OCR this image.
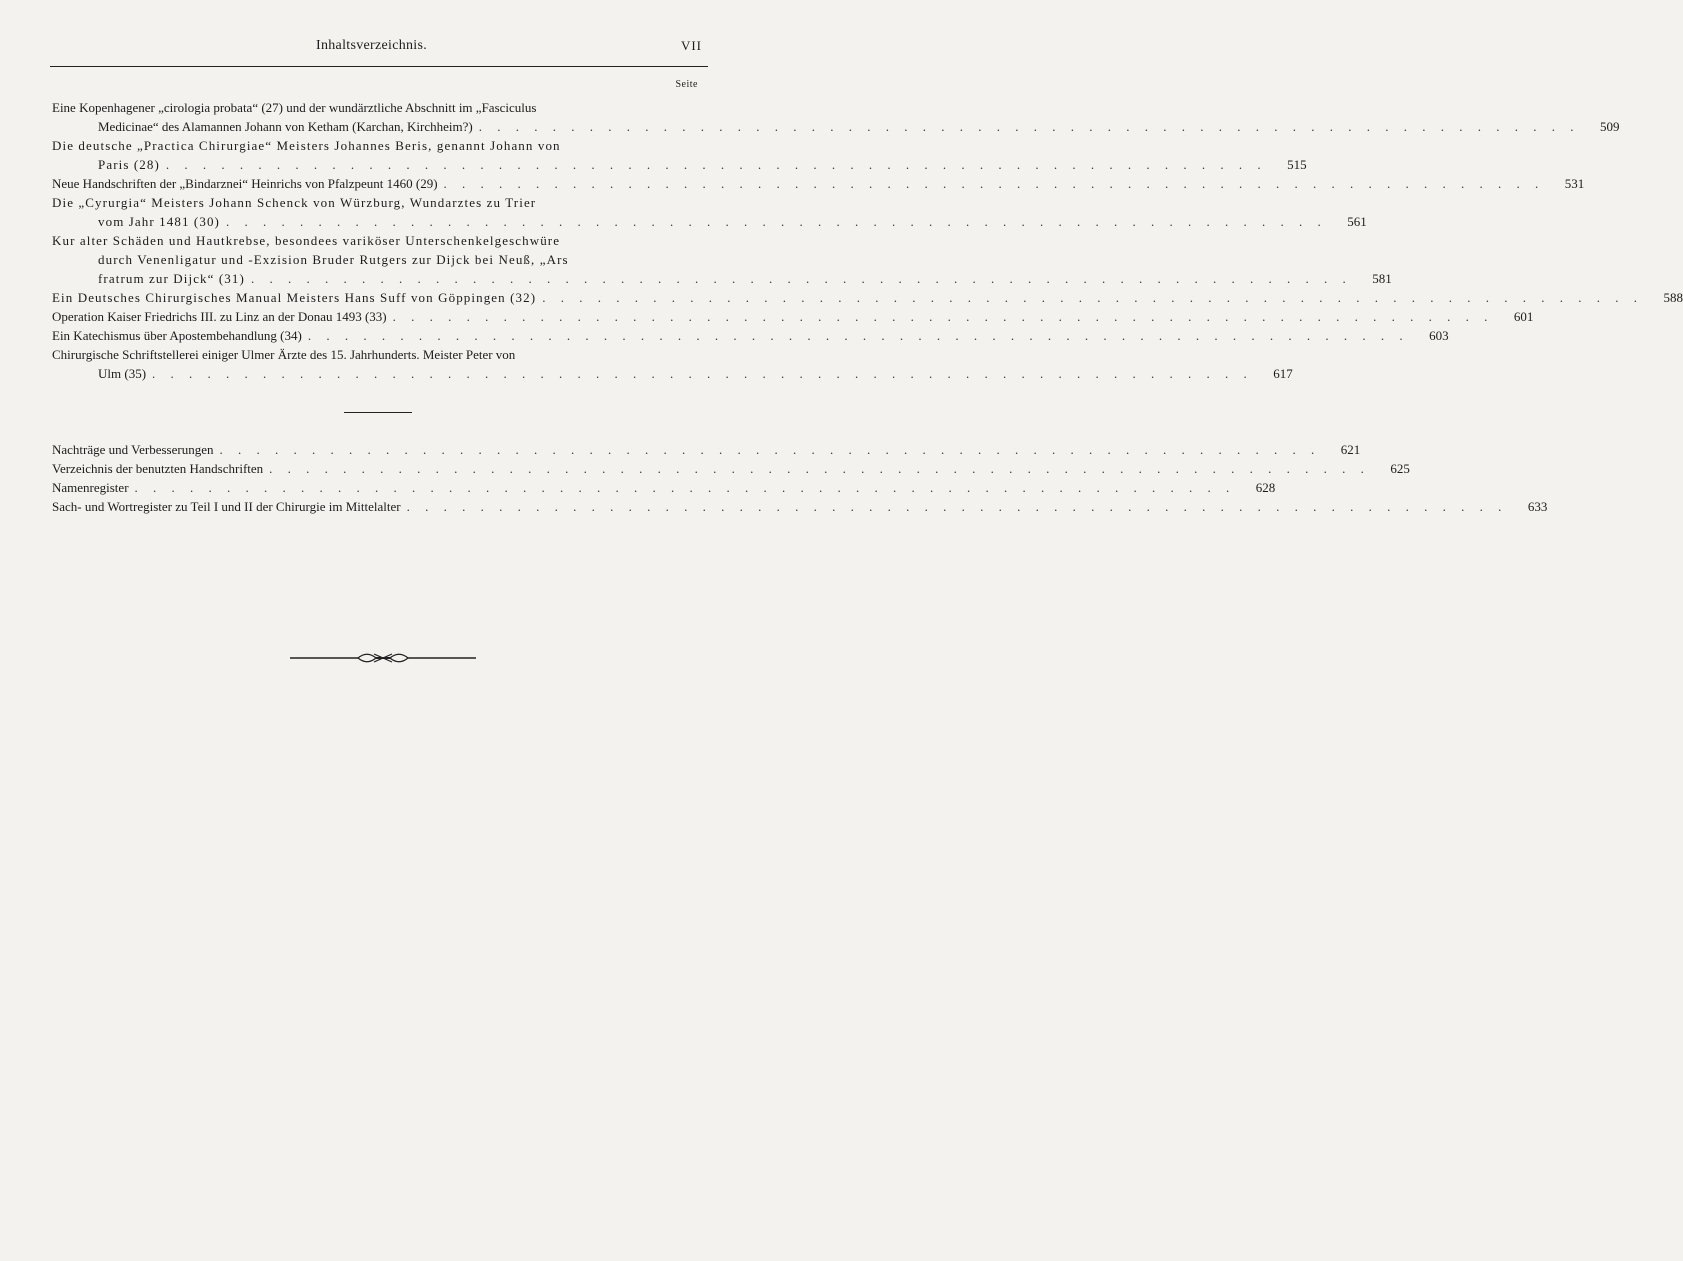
Inhaltsverzeichnis.	VII
Seite
Eine Kopenhagener „cirologia probata“ (27) und der wundärztliche Abschnitt im „Fasciculus
Medicinae“ des Alamannen Johann von Ketham (Karchan, Kirchheim?) . . . . . . . . . . . . . . . . . . . . . . . . . . . . . . . . . . . . . . . . . . . . . . . . . . . . . . . . . . . .	509
Die deutsche „Practica Chirurgiae“ Meisters Johannes Beris, genannt Johann von
Paris (28) . . . . . . . . . . . . . . . . . . . . . . . . . . . . . . . . . . . . . . . . . . . . . . . . . . . . . . . . . . . .	515
Neue Handschriften der „Bindarznei“ Heinrichs von Pfalzpeunt 1460 (29) . . . . . . . . . . . . . . . . . . . . . . . . . . . . . . . . . . . . . . . . . . . . . . . . . . . . . . . . . . . .	531
Die „Cyrurgia“ Meisters Johann Schenck von Würzburg, Wundarztes zu Trier
vom Jahr 1481 (30) . . . . . . . . . . . . . . . . . . . . . . . . . . . . . . . . . . . . . . . . . . . . . . . . . . . . . . . . . . . .	561
Kur alter Schäden und Hautkrebse, besondees variköser Unterschenkelgeschwüre
durch Venenligatur und -Exzision Bruder Rutgers zur Dijck bei Neuß, „Ars
fratrum zur Dijck“ (31) . . . . . . . . . . . . . . . . . . . . . . . . . . . . . . . . . . . . . . . . . . . . . . . . . . . . . . . . . . . .	581
Ein Deutsches Chirurgisches Manual Meisters Hans Suff von Göppingen (32) . . . . . . . . . . . . . . . . . . . . . . . . . . . . . . . . . . . . . . . . . . . . . . . . . . . . . . . . . . . .	588
Operation Kaiser Friedrichs III. zu Linz an der Donau 1493 (33) . . . . . . . . . . . . . . . . . . . . . . . . . . . . . . . . . . . . . . . . . . . . . . . . . . . . . . . . . . . .	601
Ein Katechismus über Apostembehandlung (34) . . . . . . . . . . . . . . . . . . . . . . . . . . . . . . . . . . . . . . . . . . . . . . . . . . . . . . . . . . . .	603
Chirurgische Schriftstellerei einiger Ulmer Ärzte des 15. Jahrhunderts. Meister Peter von
Ulm (35) . . . . . . . . . . . . . . . . . . . . . . . . . . . . . . . . . . . . . . . . . . . . . . . . . . . . . . . . . . . .	617
Nachträge und Verbesserungen . . . . . . . . . . . . . . . . . . . . . . . . . . . . . . . . . . . . . . . . . . . . . . . . . . . . . . . . . . . .	621
Verzeichnis der benutzten Handschriften . . . . . . . . . . . . . . . . . . . . . . . . . . . . . . . . . . . . . . . . . . . . . . . . . . . . . . . . . . . .	625
Namenregister . . . . . . . . . . . . . . . . . . . . . . . . . . . . . . . . . . . . . . . . . . . . . . . . . . . . . . . . . . . .	628
Sach- und Wortregister zu Teil I und II der Chirurgie im Mittelalter . . . . . . . . . . . . . . . . . . . . . . . . . . . . . . . . . . . . . . . . . . . . . . . . . . . . . . . . . . . .	633
